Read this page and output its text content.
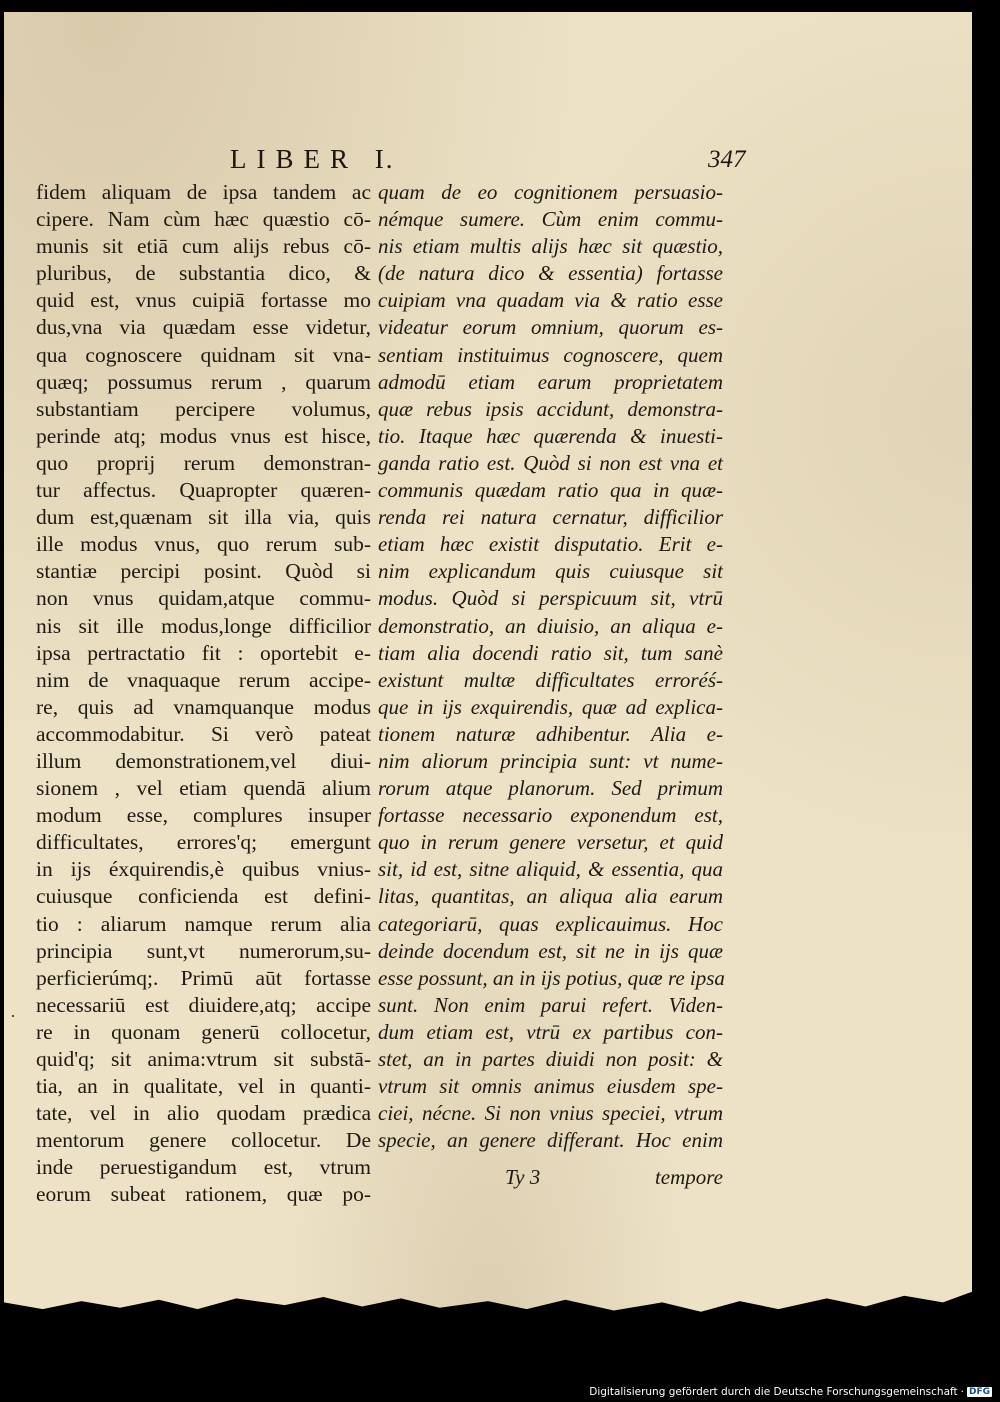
LIBER I.	347
fidem aliquam de ipsa tandem ac
cipere. Nam cùm hæc quæstio cō-
munis sit etiā cum alijs rebus cō-
pluribus, de substantia dico, &
quid est, vnus cuipiā fortasse mo
dus,vna via quædam esse videtur,
qua cognoscere quidnam sit vna-
quæq; possumus rerum , quarum
substantiam percipere volumus,
perinde atq; modus vnus est hisce,
quo proprij rerum demonstran-
tur affectus. Quapropter quæren-
dum est,quænam sit illa via, quis
ille modus vnus, quo rerum sub-
stantiæ percipi posint. Quòd si
non vnus quidam,atque commu-
nis sit ille modus,longe difficilior
ipsa pertractatio fit : oportebit e-
nim de vnaquaque rerum accipe-
re, quis ad vnamquanque modus
accommodabitur. Si verò pateat
illum demonstrationem,vel diui-
sionem , vel etiam quendā alium
modum esse, complures insuper
difficultates, errores'q; emergunt
in ijs éxquirendis,è quibus vnius-
cuiusque conficienda est defini-
tio : aliarum namque rerum alia
principia sunt,vt numerorum,su-
perficierúmq;. Primū aūt fortasse
necessariū est diuidere,atq; accipe
re in quonam generū collocetur,
quid'q; sit anima:vtrum sit substā-
tia, an in qualitate, vel in quanti-
tate, vel in alio quodam prædica
mentorum genere collocetur. De
inde peruestigandum est, vtrum
eorum subeat rationem, quæ po-
quam de eo cognitionem persuasio-
némque sumere. Cùm enim commu-
nis etiam multis alijs hæc sit quæstio,
(de natura dico & essentia) fortasse
cuipiam vna quadam via & ratio esse
videatur eorum omnium, quorum es-
sentiam instituimus cognoscere, quem
admodū etiam earum proprietatem
quæ rebus ipsis accidunt, demonstra-
tio. Itaque hæc quærenda & inuesti-
ganda ratio est. Quòd si non est vna et
communis quædam ratio qua in quæ-
renda rei natura cernatur, difficilior
etiam hæc existit disputatio. Erit e-
nim explicandum quis cuiusque sit
modus. Quòd si perspicuum sit, vtrū
demonstratio, an diuisio, an aliqua e-
tiam alia docendi ratio sit, tum sanè
existunt multæ difficultates erroréś-
que in ijs exquirendis, quæ ad explica-
tionem naturæ adhibentur. Alia e-
nim aliorum principia sunt: vt nume-
rorum atque planorum. Sed primum
fortasse necessario exponendum est,
quo in rerum genere versetur, et quid
sit, id est, sitne aliquid, & essentia, qua
litas, quantitas, an aliqua alia earum
categoriarū, quas explicauimus. Hoc
deinde docendum est, sit ne in ijs quæ
esse possunt, an in ijs potius, quæ re ipsa
sunt. Non enim parui refert. Viden-
dum etiam est, vtrū ex partibus con-
stet, an in partes diuidi non posit: &
vtrum sit omnis animus eiusdem spe-
ciei, nécne. Si non vnius speciei, vtrum
specie, an genere differant. Hoc enim
·
Ty 3	tempore
Digitalisierung gefördert durch die Deutsche Forschungsgemeinschaft · DFG
